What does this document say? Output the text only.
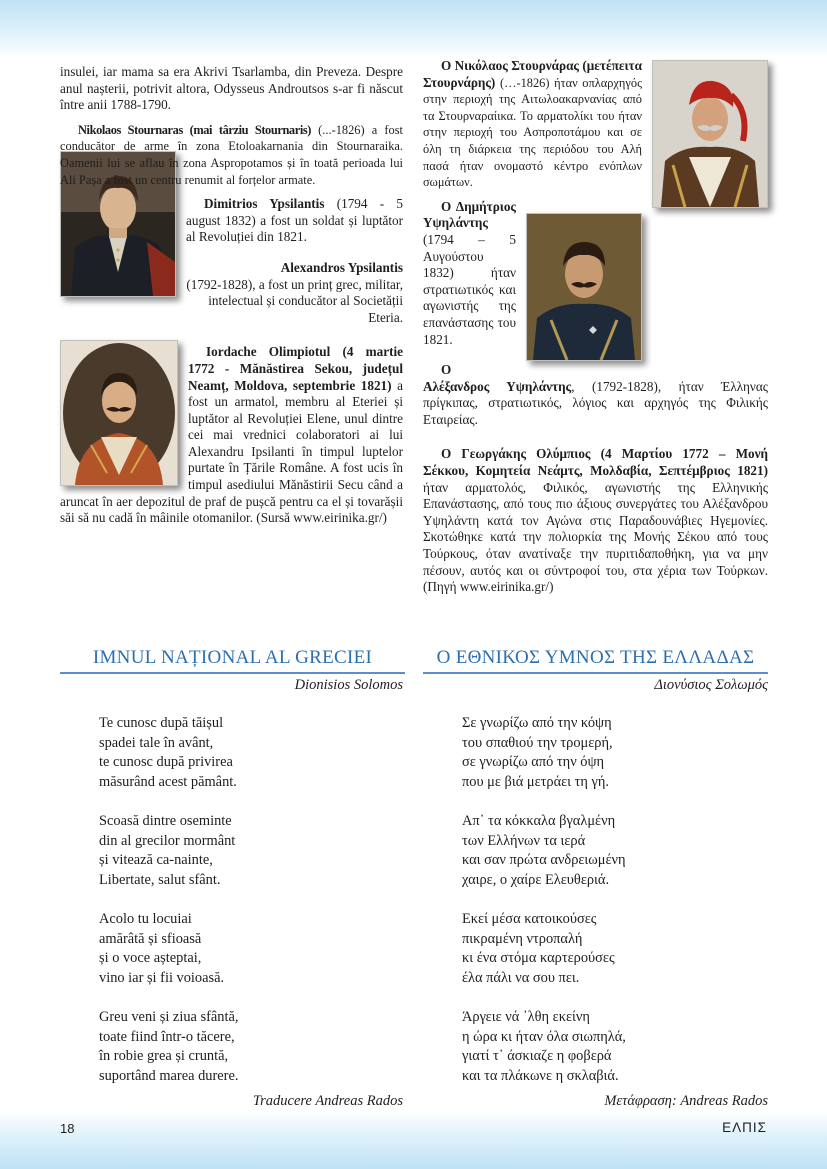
insulei, iar mama sa era Akrivi Tsarlamba, din Preveza. Despre anul nașterii, potrivit altora, Odysseus Androutsos s-ar fi născut între anii 1788-1790.

Nikolaos Stournaras (mai târziu Stournaris) (...-1826) a fost conducător de arme în zona Etoloakarnania din Stournaraika. Oamenii lui se aflau în zona Aspropotamos și în toată perioada lui Ali Pașa a fost un centru renumit al forțelor armate.

Dimitrios Ypsilantis (1794 - 5 august 1832) a fost un soldat și luptător al Revoluției din 1821.

Alexandros Ypsilantis
(1792-1828), a fost un prinț grec, militar, intelectual și conducător al Societății Eteria.

Iordache Olimpiotul (4 martie 1772 - Mănăstirea Sekou, județul Neamț, Moldova, septembrie 1821) a fost un armatol, membru al Eteriei și luptător al Revoluției Elene, unul dintre cei mai vrednici colaboratori ai lui Alexandru Ipsilanti în timpul luptelor purtate în Țările Române. A fost ucis în timpul asediului Mănăstirii Secu când a aruncat în aer depozitul de praf de pușcă pentru ca el și tovarășii săi să nu cadă în mâinile otomanilor. (Sursă www.eirinika.gr/)

Ο Νικόλαος Στουρνάρας (μετέπειτα Στουρνάρης) (…-1826) ήταν οπλαρχηγός στην περιοχή της Αιτωλοακαρνανίας από τα Στουρναραίικα. Το αρματολίκι του ήταν στην περιοχή του Ασπροποτάμου και σε όλη τη διάρκεια της περιόδου του Αλή πασά ήταν ονομαστό κέντρο ενόπλων σωμάτων.

Ο Δημήτριος Υψηλάντης (1794 – 5 Αυγούστου 1832) ήταν στρατιωτικός και αγωνιστής της επανάστασης του 1821.

Ο Αλέξανδρος Υψηλάντης, (1792-1828), ήταν Έλληνας πρίγκιπας, στρατιωτικός, λόγιος και αρχηγός της Φιλικής Εταιρείας.

Ο Γεωργάκης Ολύμπιος (4 Μαρτίου 1772 – Μονή Σέκκου, Κομητεία Νεάμτς, Μολδαβία, Σεπτέμβριος 1821) ήταν αρματολός, Φιλικός, αγωνιστής της Ελληνικής Επανάστασης, από τους πιο άξιους συνεργάτες του Αλέξανδρου Υψηλάντη κατά τον Αγώνα στις Παραδουνάβιες Ηγεμονίες. Σκοτώθηκε κατά την πολιορκία της Μονής Σέκου από τους Τούρκους, όταν ανατίναξε την πυριτιδαποθήκη, για να μην πέσουν, αυτός και οι σύντροφοί του, στα χέρια των Τούρκων. (Πηγή www.eirinika.gr/)

IMNUL NAȚIONAL AL GRECIEI	Ο ΕΘΝΙΚΟΣ ΥΜΝΟΣ ΤΗΣ ΕΛΛΑΔΑΣ
Dionisios Solomos	Διονύσιος Σολωμός
Te cunosc după tăișul
spadei tale în avânt,
te cunosc după privirea
măsurând acest pământ.
Scoasă dintre oseminte
din al grecilor mormânt
și vitează ca-nainte,
Libertate, salut sfânt.
Acolo tu locuiai
amărâtă și sfioasă
și o voce așteptai,
vino iar și fii voioasă.
Greu veni și ziua sfântă,
toate fiind într-o tăcere,
în robie grea și cruntă,
suportând marea durere.
Σε γνωρίζω από την κόψη
του σπαθιού την τρομερή,
σε γνωρίζω από την όψη
που με βιά μετράει τη γή.
Απ᾽ τα κόκκαλα βγαλμένη
των Ελλήνων τα ιερά
και σαν πρώτα ανδρειωμένη
χαιρε, ο χαίρε Ελευθεριά.
Εκεί μέσα κατοικούσες
πικραμένη ντροπαλή
κι ένα στόμα καρτερούσες
έλα πάλι να σου πει.
Άργειε νά ᾽λθη εκείνη
η ώρα κι ήταν όλα σιωπηλά,
γιατί τ᾽ άσκιαζε η φοβερά
και τα πλάκωνε η σκλαβιά.
Traducere Andreas Rados	Μετάφραση: Andreas Rados
18	ΕΛΠΙΣ
